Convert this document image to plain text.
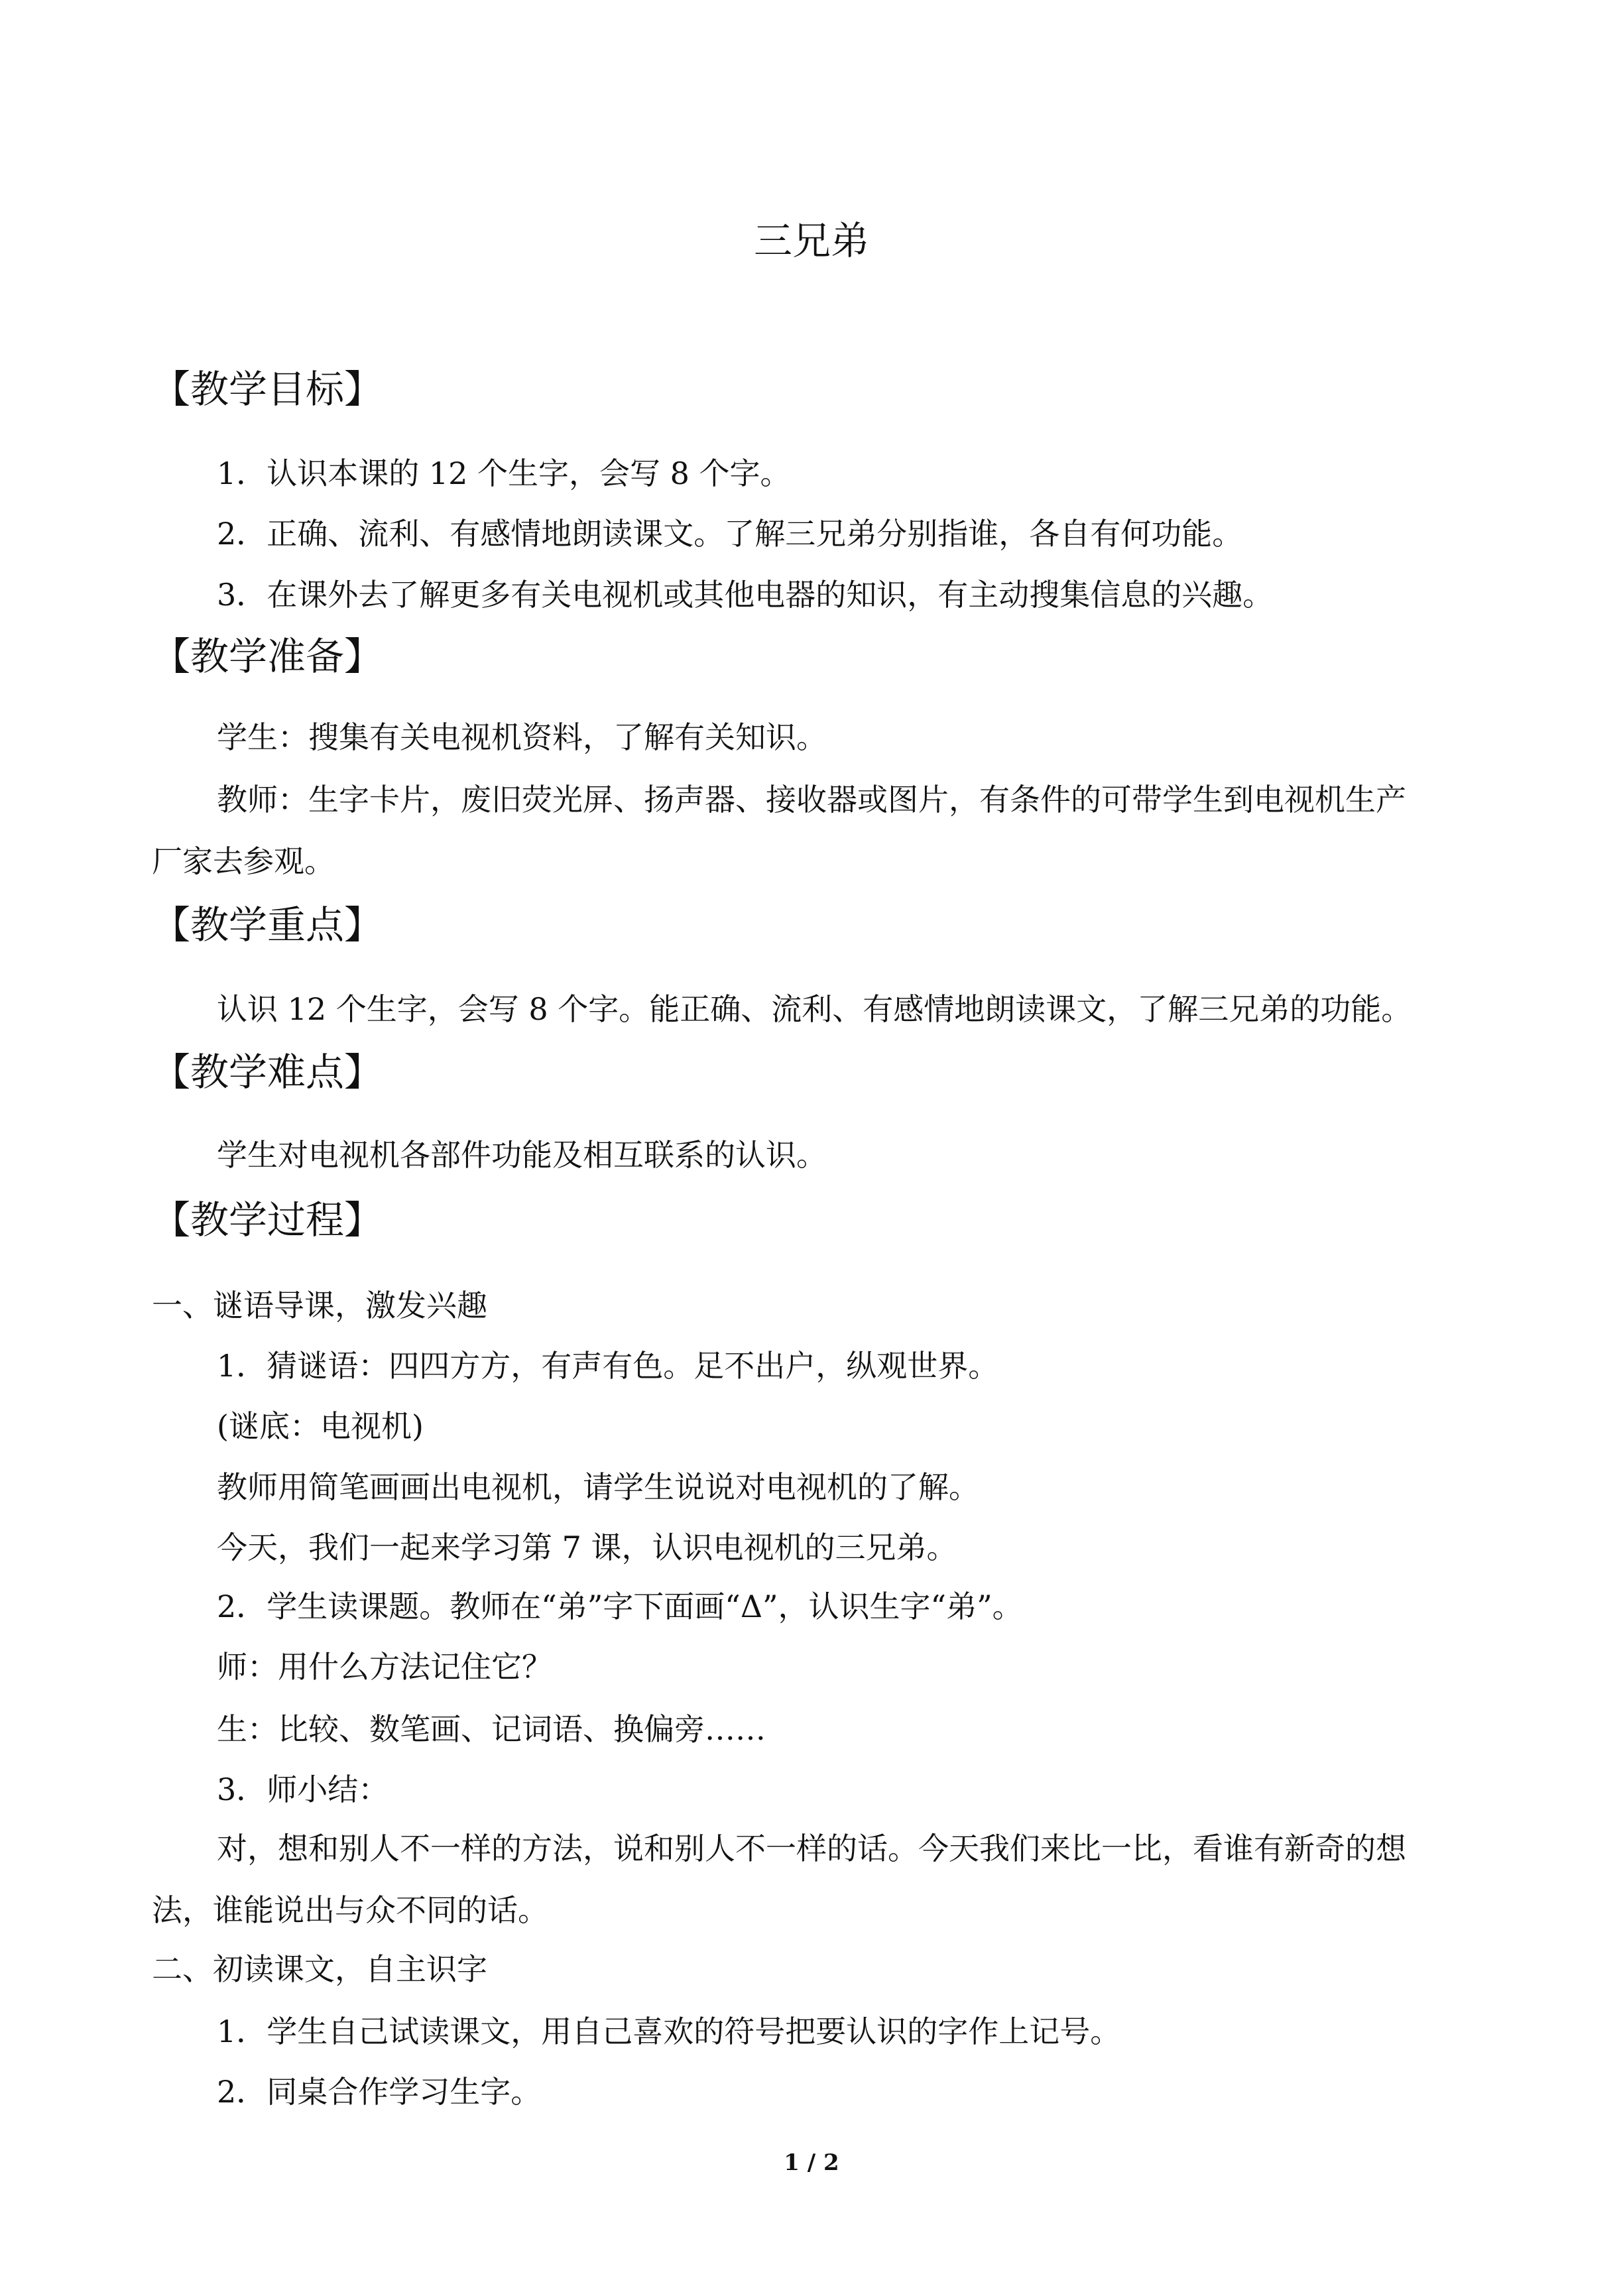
三兄弟
【教学目标】
1．认识本课的 12 个生字，会写 8 个字。
2．正确、流利、有感情地朗读课文。了解三兄弟分别指谁，各自有何功能。
3．在课外去了解更多有关电视机或其他电器的知识，有主动搜集信息的兴趣。
【教学准备】
学生：搜集有关电视机资料，了解有关知识。
教师：生字卡片，废旧荧光屏、扬声器、接收器或图片，有条件的可带学生到电视机生产
厂家去参观。
【教学重点】
认识 12 个生字，会写 8 个字。能正确、流利、有感情地朗读课文，了解三兄弟的功能。
【教学难点】
学生对电视机各部件功能及相互联系的认识。
【教学过程】
一、谜语导课，激发兴趣
1．猜谜语：四四方方，有声有色。足不出户，纵观世界。
(谜底：电视机)
教师用简笔画画出电视机，请学生说说对电视机的了解。
今天，我们一起来学习第 7 课，认识电视机的三兄弟。
2．学生读课题。教师在“弟”字下面画“Δ”，认识生字“弟”。
师：用什么方法记住它？
生：比较、数笔画、记词语、换偏旁……
3．师小结：
对，想和别人不一样的方法，说和别人不一样的话。今天我们来比一比，看谁有新奇的想
法，谁能说出与众不同的话。
二、初读课文，自主识字
1．学生自己试读课文，用自己喜欢的符号把要认识的字作上记号。
2．同桌合作学习生字。
1 / 2
